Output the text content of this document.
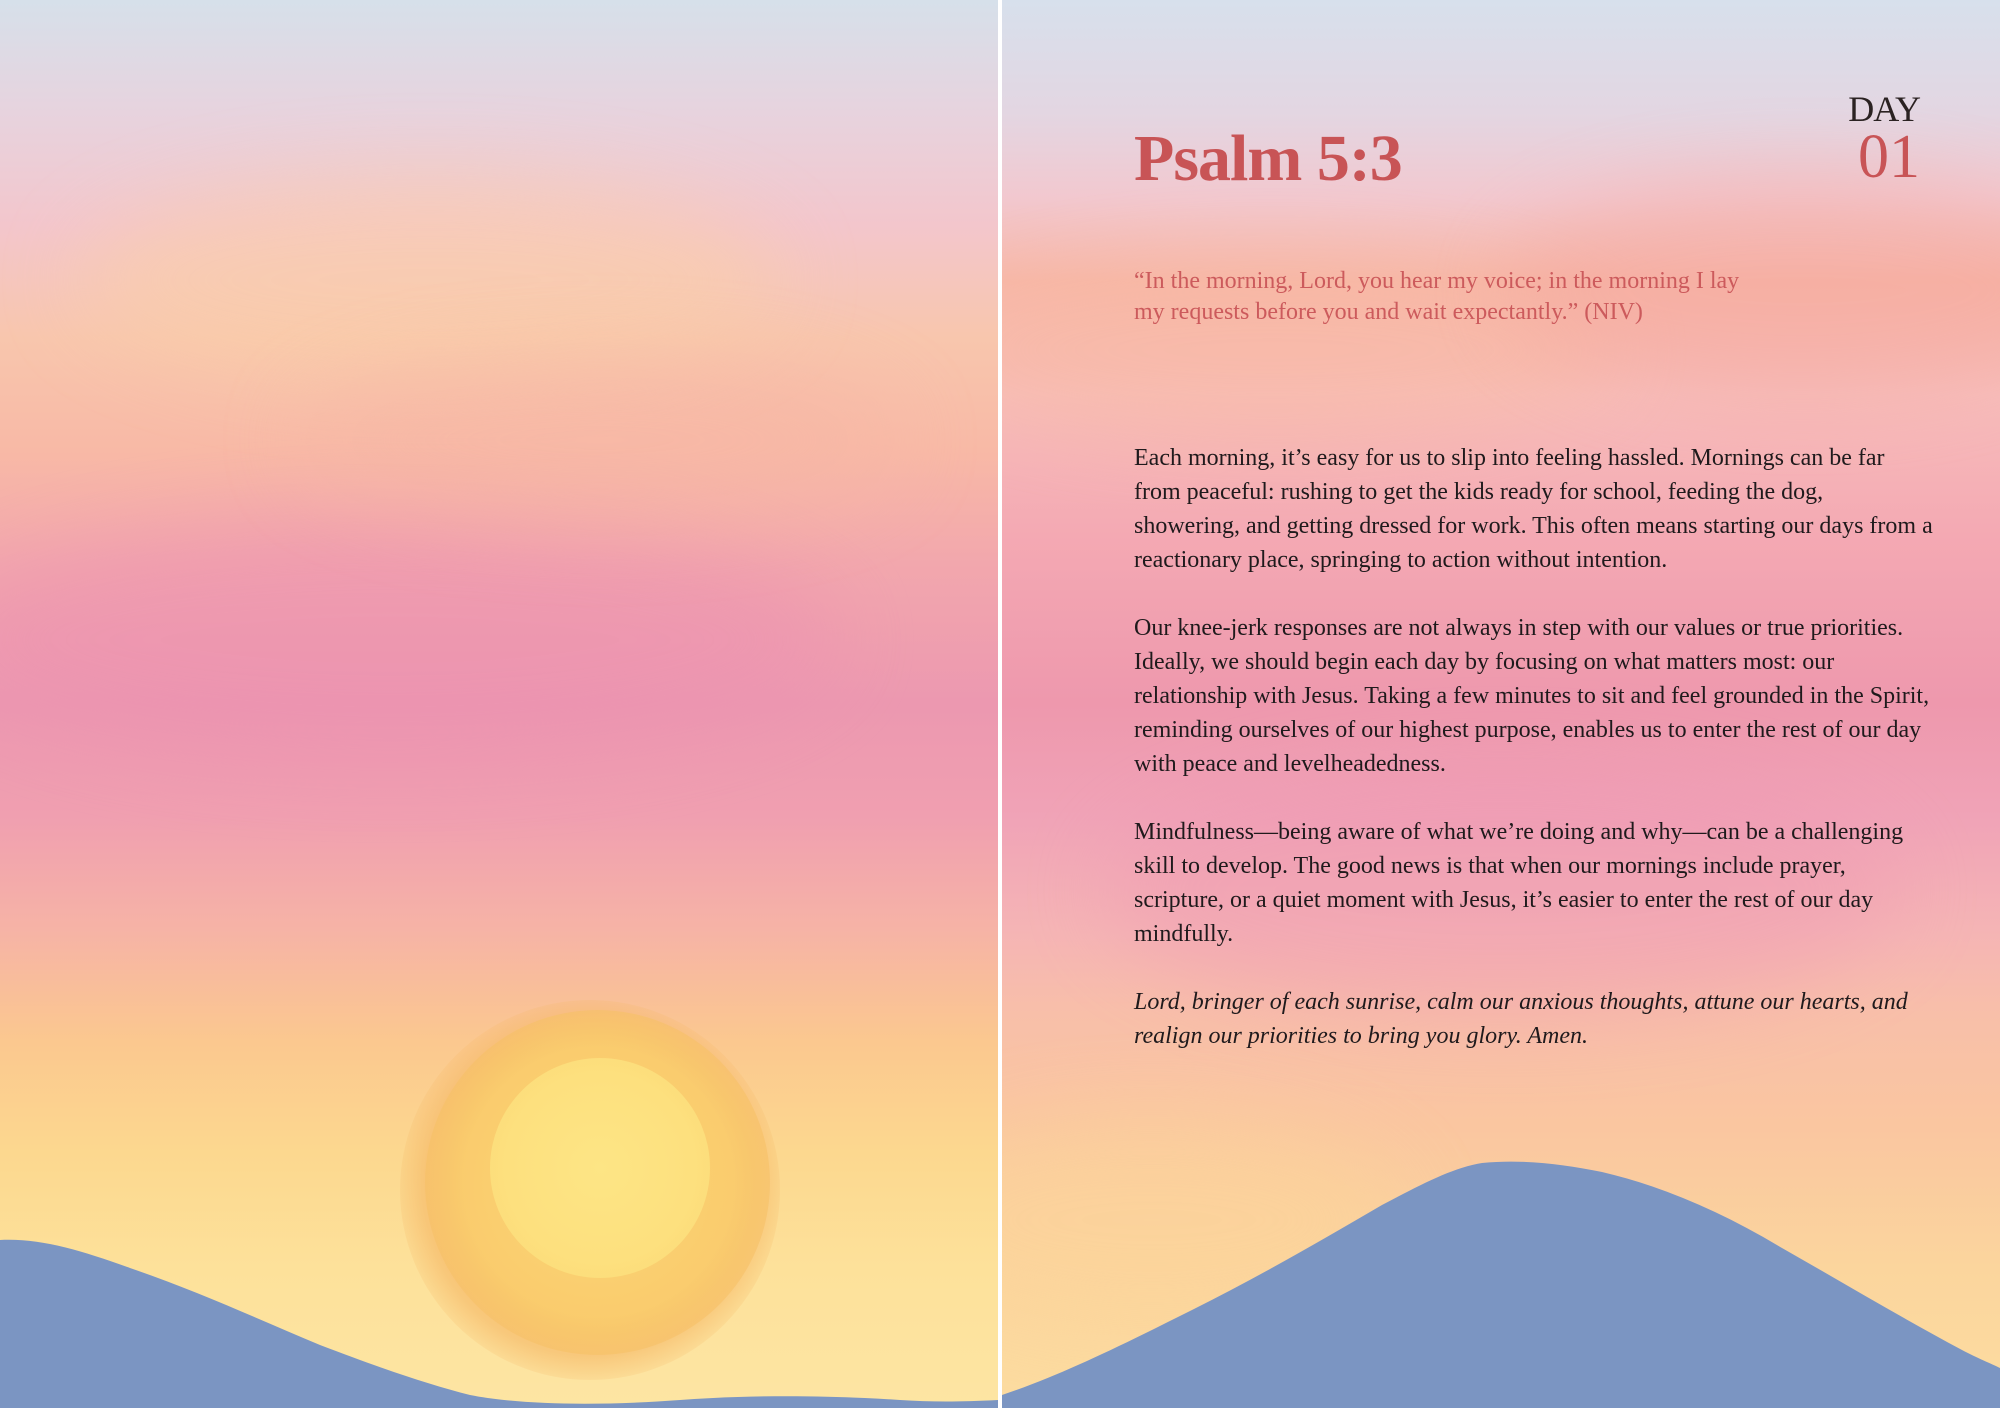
DAY
01
Psalm 5:3

“In the morning, Lord, you hear my voice; in the morning I lay my requests before you and wait expectantly.” (NIV)

Each morning, it’s easy for us to slip into feeling hassled. Mornings can be far from peaceful: rushing to get the kids ready for school, feeding the dog, showering, and getting dressed for work. This often means starting our days from a reactionary place, springing to action without intention.

Our knee-jerk responses are not always in step with our values or true priorities. Ideally, we should begin each day by focusing on what matters most: our relationship with Jesus. Taking a few minutes to sit and feel grounded in the Spirit, reminding ourselves of our highest purpose, enables us to enter the rest of our day with peace and levelheadedness.

Mindfulness—being aware of what we’re doing and why—can be a challenging skill to develop. The good news is that when our mornings include prayer, scripture, or a quiet moment with Jesus, it’s easier to enter the rest of our day mindfully.

Lord, bringer of each sunrise, calm our anxious thoughts, attune our hearts, and realign our priorities to bring you glory. Amen.
